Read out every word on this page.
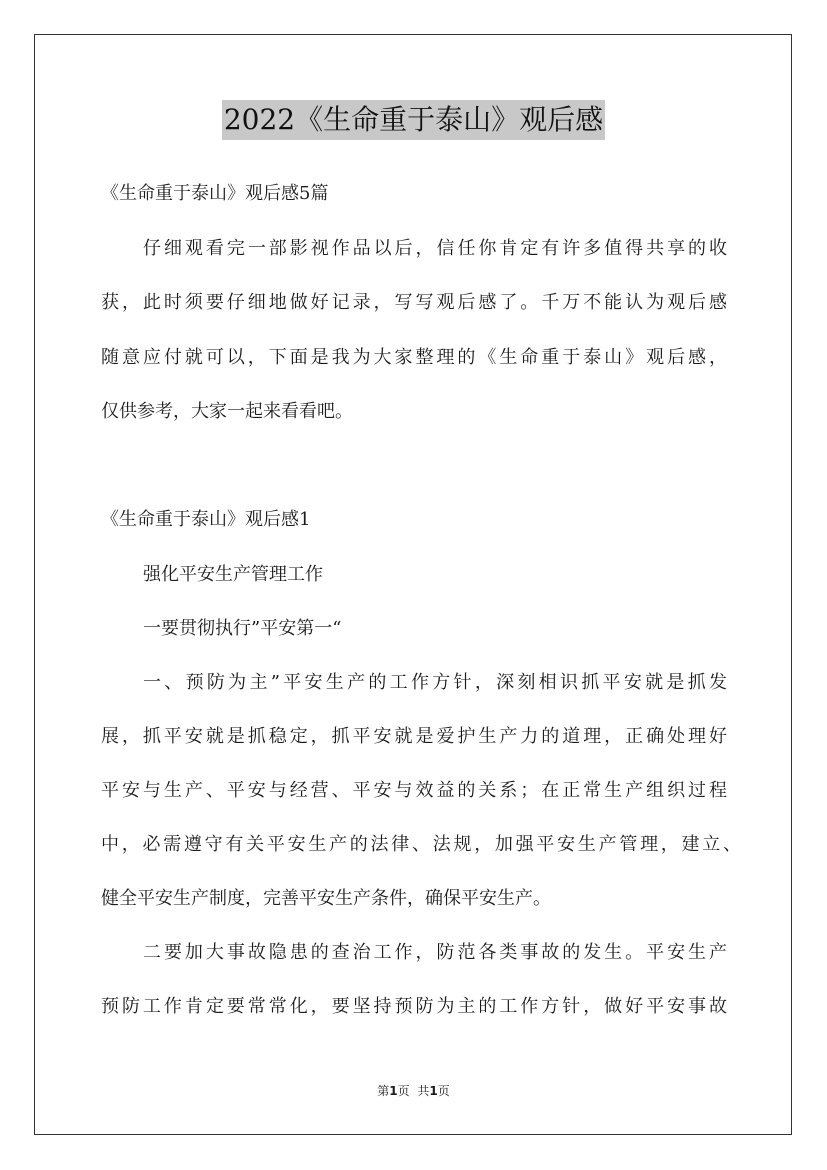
2022《生命重于泰山》观后感
《生命重于泰山》观后感5篇
仔细观看完一部影视作品以后，信任你肯定有许多值得共享的收
获，此时须要仔细地做好记录，写写观后感了。千万不能认为观后感
随意应付就可以，下面是我为大家整理的《生命重于泰山》观后感，
仅供参考，大家一起来看看吧。
《生命重于泰山》观后感1
强化平安生产管理工作
一要贯彻执行”平安第一“
一、预防为主”平安生产的工作方针，深刻相识抓平安就是抓发
展，抓平安就是抓稳定，抓平安就是爱护生产力的道理，正确处理好
平安与生产、平安与经营、平安与效益的关系；在正常生产组织过程
中，必需遵守有关平安生产的法律、法规，加强平安生产管理，建立、
健全平安生产制度，完善平安生产条件，确保平安生产。
二要加大事故隐患的查治工作，防范各类事故的发生。平安生产
预防工作肯定要常常化，要坚持预防为主的工作方针，做好平安事故
第1页 共1页
